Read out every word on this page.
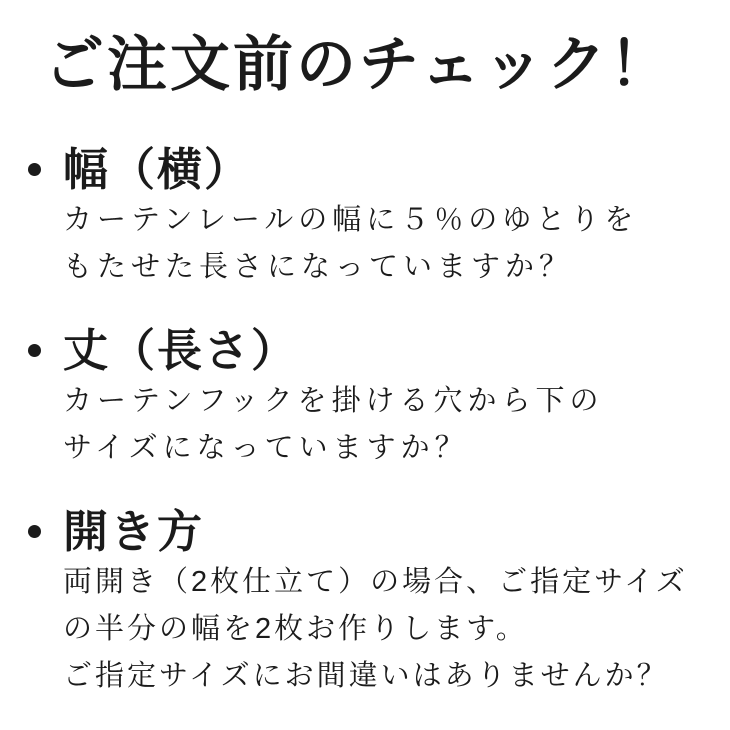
ご注文前のチェック！
幅（横）

カーテンレールの幅に５％のゆとりを

もたせた長さになっていますか？

丈（長さ）

カーテンフックを掛ける穴から下の

サイズになっていますか？

開き方

両開き（2枚仕立て）の場合、ご指定サイズ

の半分の幅を2枚お作りします。

ご指定サイズにお間違いはありませんか？
